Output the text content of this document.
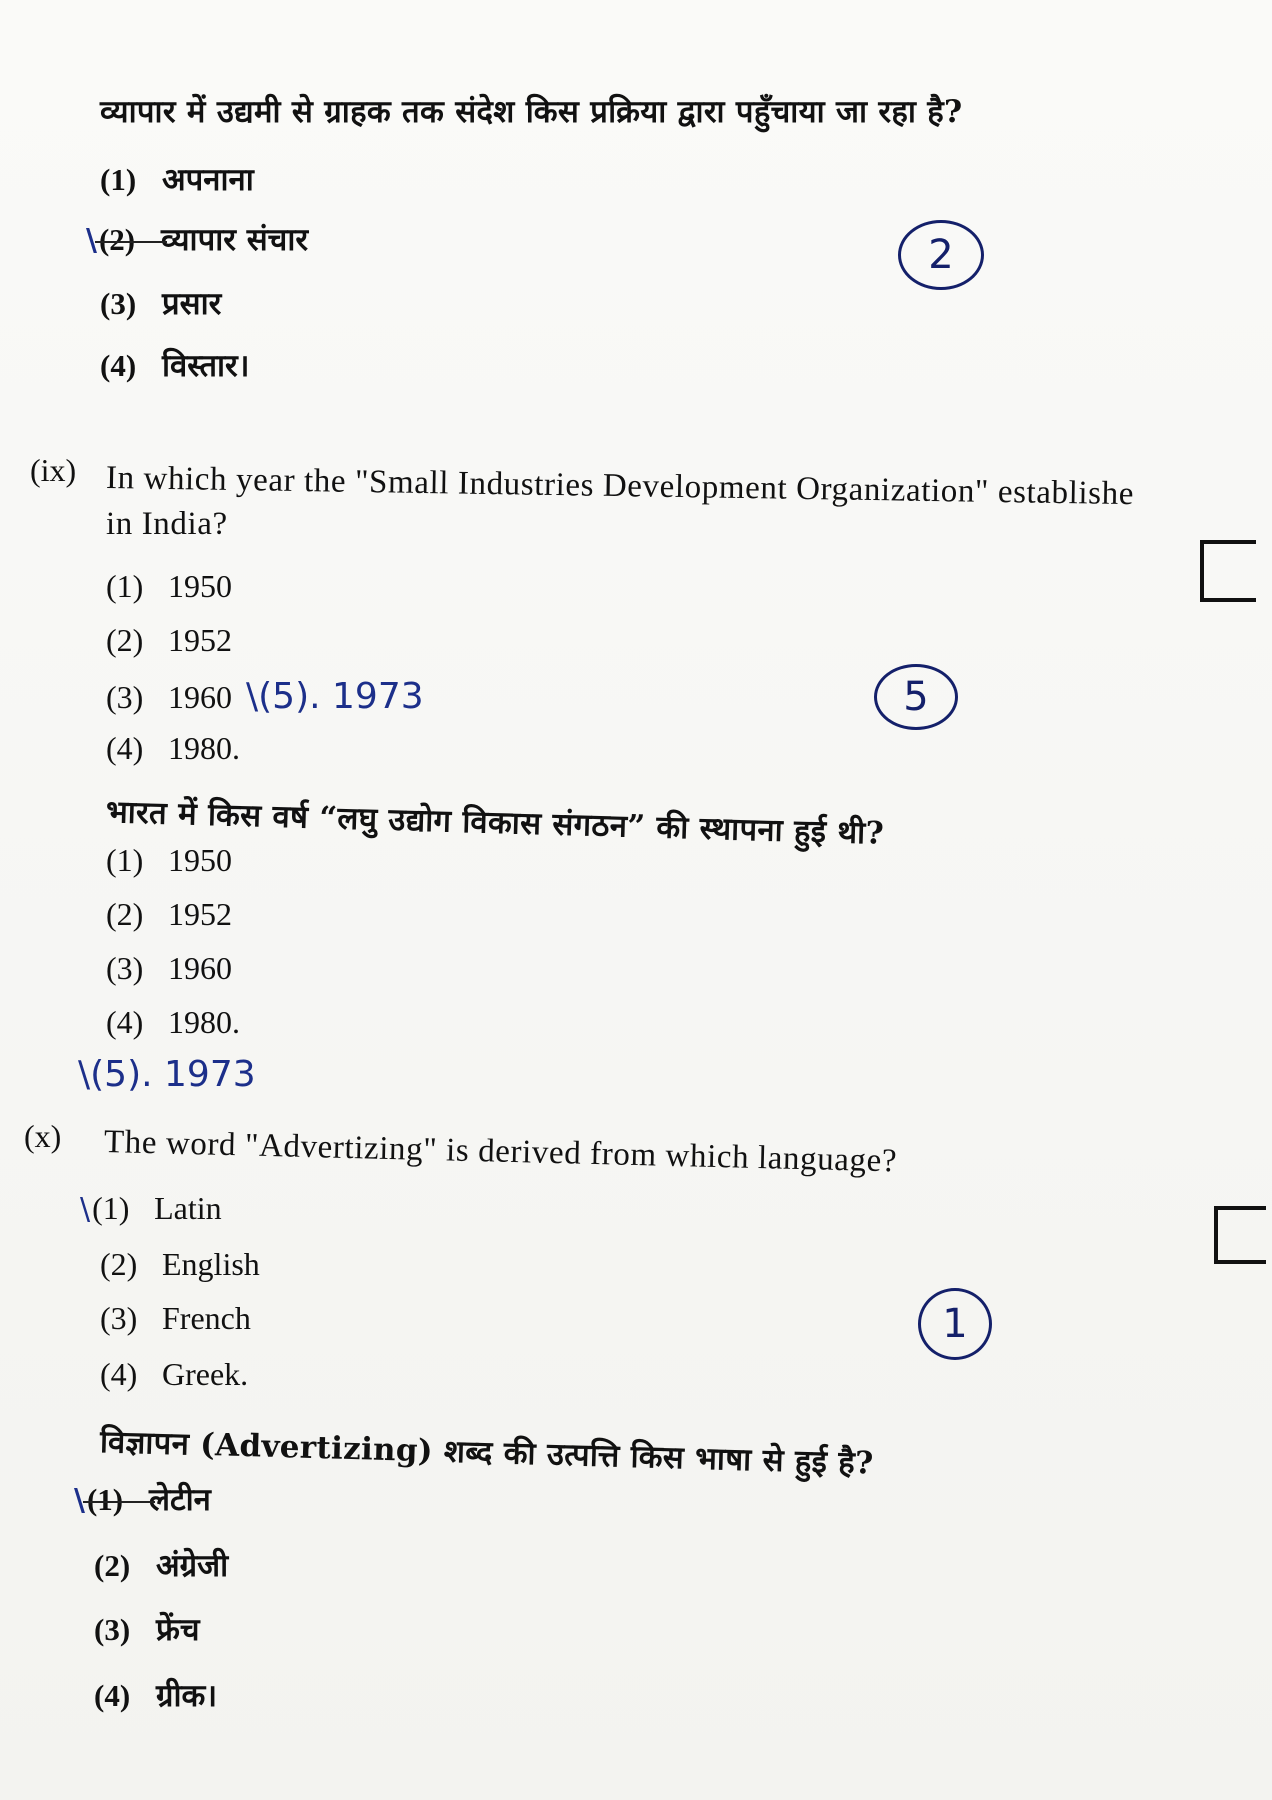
व्यापार में उद्यमी से ग्राहक तक संदेश किस प्रक्रिया द्वारा पहुँचाया जा रहा है?
(1) अपनाना
\(2) व्यापार संचार
(3) प्रसार
(4) विस्तार।
2
(ix) In which year the "Small Industries Development Organization" establishe
in India?
(1) 1950
(2) 1952
(3) 1960 \(5). 1973
(4) 1980.
5
भारत में किस वर्ष “लघु उद्योग विकास संगठन” की स्थापना हुई थी?
(1) 1950
(2) 1952
(3) 1960
(4) 1980.
\(5). 1973
(x) The word "Advertizing" is derived from which language?
\(1) Latin
(2) English
(3) French
(4) Greek.
1
विज्ञापन (Advertizing) शब्द की उत्पत्ति किस भाषा से हुई है?
\(1) लेटीन
(2) अंग्रेजी
(3) फ्रेंच
(4) ग्रीक।
